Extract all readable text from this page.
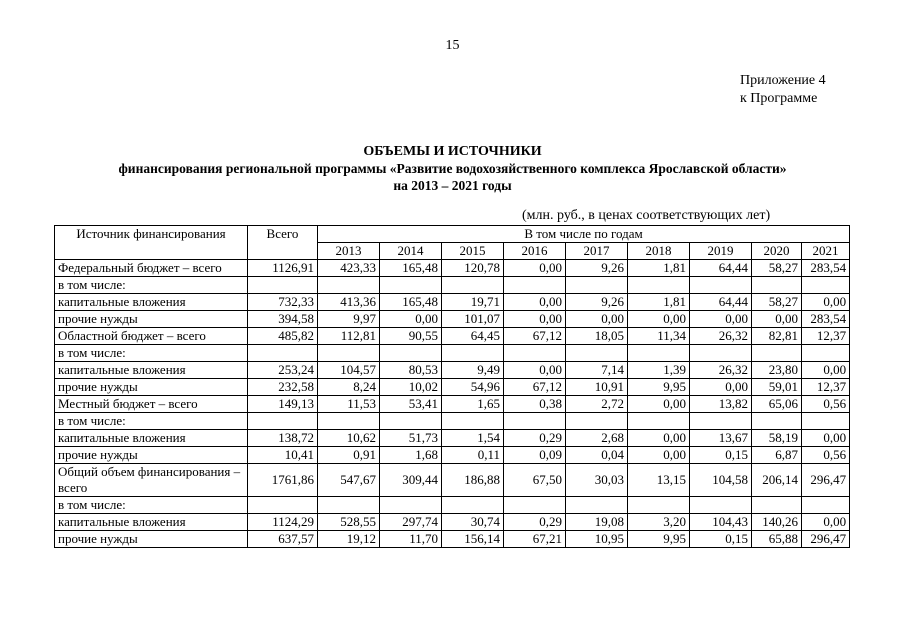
15
Приложение 4
к Программе
ОБЪЕМЫ И ИСТОЧНИКИ
финансирования региональной программы «Развитие водохозяйственного комплекса Ярославской области»
на 2013 – 2021 годы
(млн. руб., в ценах соответствующих лет)
Источник финансирования	Всего	В том числе по годам								
		2013	2014	2015	2016	2017	2018	2019	2020	2021
Федеральный бюджет – всего	1126,91	423,33	165,48	120,78	0,00	9,26	1,81	64,44	58,27	283,54
в том числе:										
капитальные вложения	732,33	413,36	165,48	19,71	0,00	9,26	1,81	64,44	58,27	0,00
прочие нужды	394,58	9,97	0,00	101,07	0,00	0,00	0,00	0,00	0,00	283,54
Областной бюджет – всего	485,82	112,81	90,55	64,45	67,12	18,05	11,34	26,32	82,81	12,37
в том числе:										
капитальные вложения	253,24	104,57	80,53	9,49	0,00	7,14	1,39	26,32	23,80	0,00
прочие нужды	232,58	8,24	10,02	54,96	67,12	10,91	9,95	0,00	59,01	12,37
Местный бюджет – всего	149,13	11,53	53,41	1,65	0,38	2,72	0,00	13,82	65,06	0,56
в том числе:										
капитальные вложения	138,72	10,62	51,73	1,54	0,29	2,68	0,00	13,67	58,19	0,00
прочие нужды	10,41	0,91	1,68	0,11	0,09	0,04	0,00	0,15	6,87	0,56
Общий объем финансирования – всего	1761,86	547,67	309,44	186,88	67,50	30,03	13,15	104,58	206,14	296,47
в том числе:										
капитальные вложения	1124,29	528,55	297,74	30,74	0,29	19,08	3,20	104,43	140,26	0,00
прочие нужды	637,57	19,12	11,70	156,14	67,21	10,95	9,95	0,15	65,88	296,47
